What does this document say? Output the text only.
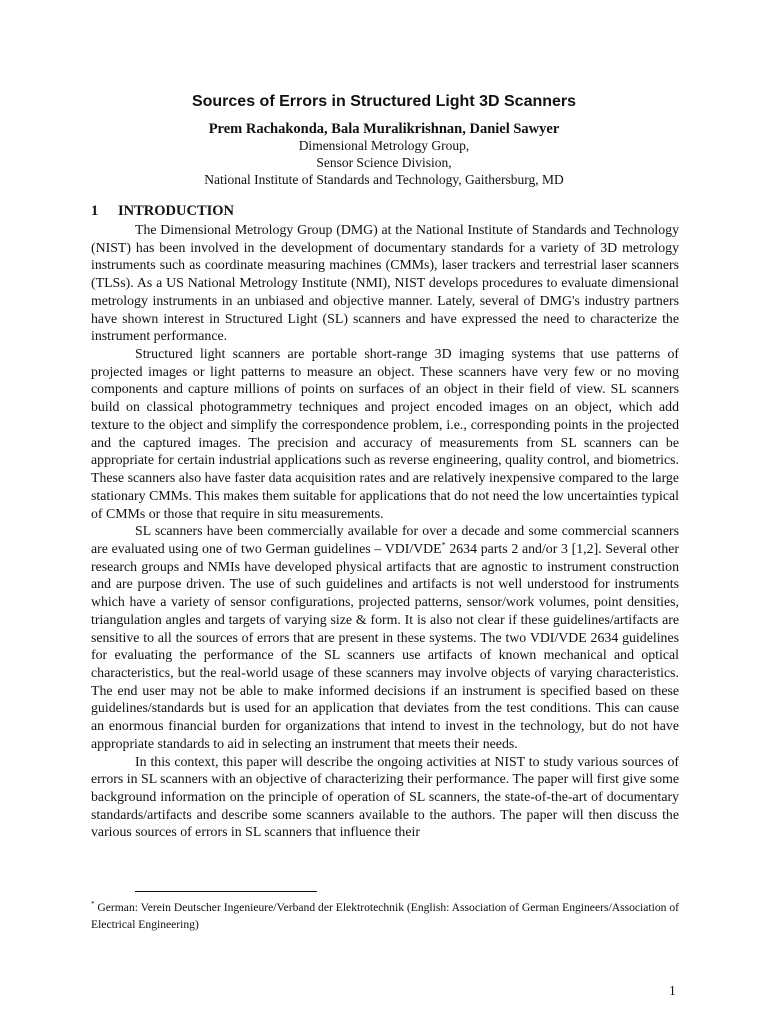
Sources of Errors in Structured Light 3D Scanners
Prem Rachakonda, Bala Muralikrishnan, Daniel Sawyer
Dimensional Metrology Group,
Sensor Science Division,
National Institute of Standards and Technology, Gaithersburg, MD
1 INTRODUCTION

The Dimensional Metrology Group (DMG) at the National Institute of Standards and Technology (NIST) has been involved in the development of documentary standards for a variety of 3D metrology instruments such as coordinate measuring machines (CMMs), laser trackers and terrestrial laser scanners (TLSs). As a US National Metrology Institute (NMI), NIST develops procedures to evaluate dimensional metrology instruments in an unbiased and objective manner. Lately, several of DMG's industry partners have shown interest in Structured Light (SL) scanners and have expressed the need to characterize the instrument performance.

Structured light scanners are portable short-range 3D imaging systems that use patterns of projected images or light patterns to measure an object. These scanners have very few or no moving components and capture millions of points on surfaces of an object in their field of view. SL scanners build on classical photogrammetry techniques and project encoded images on an object, which add texture to the object and simplify the correspondence problem, i.e., corresponding points in the projected and the captured images. The precision and accuracy of measurements from SL scanners can be appropriate for certain industrial applications such as reverse engineering, quality control, and biometrics. These scanners also have faster data acquisition rates and are relatively inexpensive compared to the large stationary CMMs. This makes them suitable for applications that do not need the low uncertainties typical of CMMs or those that require in situ measurements.

SL scanners have been commercially available for over a decade and some commercial scanners are evaluated using one of two German guidelines – VDI/VDE* 2634 parts 2 and/or 3 [1,2]. Several other research groups and NMIs have developed physical artifacts that are agnostic to instrument construction and are purpose driven. The use of such guidelines and artifacts is not well understood for instruments which have a variety of sensor configurations, projected patterns, sensor/work volumes, point densities, triangulation angles and targets of varying size & form. It is also not clear if these guidelines/artifacts are sensitive to all the sources of errors that are present in these systems. The two VDI/VDE 2634 guidelines for evaluating the performance of the SL scanners use artifacts of known mechanical and optical characteristics, but the real-world usage of these scanners may involve objects of varying characteristics. The end user may not be able to make informed decisions if an instrument is specified based on these guidelines/standards but is used for an application that deviates from the test conditions. This can cause an enormous financial burden for organizations that intend to invest in the technology, but do not have appropriate standards to aid in selecting an instrument that meets their needs.

In this context, this paper will describe the ongoing activities at NIST to study various sources of errors in SL scanners with an objective of characterizing their performance. The paper will first give some background information on the principle of operation of SL scanners, the state-of-the-art of documentary standards/artifacts and describe some scanners available to the authors. The paper will then discuss the various sources of errors in SL scanners that influence their

* German: Verein Deutscher Ingenieure/Verband der Elektrotechnik (English: Association of German Engineers/Association of Electrical Engineering)
1
